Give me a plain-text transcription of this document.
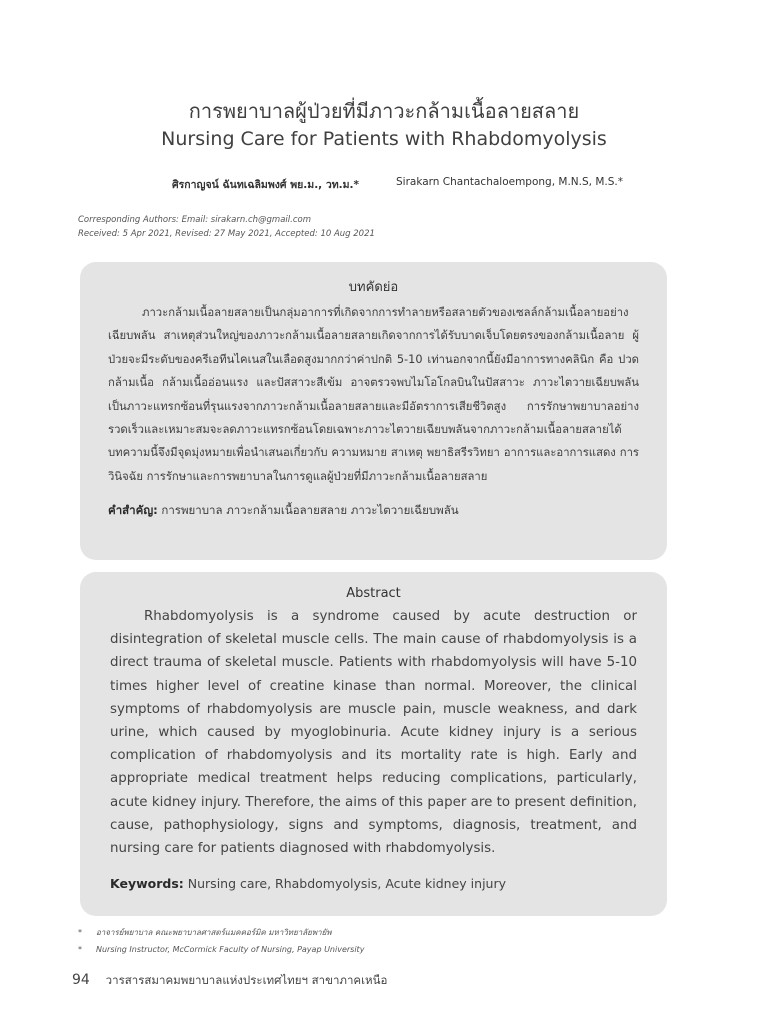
การพยาบาลผู้ป่วยที่มีภาวะกล้ามเนื้อลายสลาย
Nursing Care for Patients with Rhabdomyolysis
ศิรกาญจน์ ฉันทเฉลิมพงศ์ พย.ม., วท.ม.*	Sirakarn Chantachaloempong, M.N.S, M.S.*
Corresponding Authors: Email: sirakarn.ch@gmail.com
Received: 5 Apr 2021, Revised: 27 May 2021, Accepted: 10 Aug 2021
บทคัดย่อ

ภาวะกล้ามเนื้อลายสลายเป็นกลุ่มอาการที่เกิดจากการทำลายหรือสลายตัวของเซลล์กล้ามเนื้อลายอย่างเฉียบพลัน สาเหตุส่วนใหญ่ของภาวะกล้ามเนื้อลายสลายเกิดจากการได้รับบาดเจ็บโดยตรงของกล้ามเนื้อลาย ผู้ป่วยจะมีระดับของครีเอทีนไคเนสในเลือดสูงมากกว่าค่าปกติ 5-10 เท่านอกจากนี้ยังมีอาการทางคลินิก คือ ปวดกล้ามเนื้อ กล้ามเนื้ออ่อนแรง และปัสสาวะสีเข้ม อาจตรวจพบไมโอโกลบินในปัสสาวะ ภาวะไตวายเฉียบพลันเป็นภาวะแทรกซ้อนที่รุนแรงจากภาวะกล้ามเนื้อลายสลายและมีอัตราการเสียชีวิตสูง การรักษาพยาบาลอย่างรวดเร็วและเหมาะสมจะลดภาวะแทรกซ้อนโดยเฉพาะภาวะไตวายเฉียบพลันจากภาวะกล้ามเนื้อลายสลายได้ บทความนี้จึงมีจุดมุ่งหมายเพื่อนำเสนอเกี่ยวกับ ความหมาย สาเหตุ พยาธิสรีรวิทยา อาการและอาการแสดง การวินิจฉัย การรักษาและการพยาบาลในการดูแลผู้ป่วยที่มีภาวะกล้ามเนื้อลายสลาย

คำสำคัญ: การพยาบาล ภาวะกล้ามเนื้อลายสลาย ภาวะไตวายเฉียบพลัน
Abstract

Rhabdomyolysis is a syndrome caused by acute destruction or disintegration of skeletal muscle cells. The main cause of rhabdomyolysis is a direct trauma of skeletal muscle. Patients with rhabdomyolysis will have 5-10 times higher level of creatine kinase than normal. Moreover, the clinical symptoms of rhabdomyolysis are muscle pain, muscle weakness, and dark urine, which caused by myoglobinuria. Acute kidney injury is a serious complication of rhabdomyolysis and its mortality rate is high. Early and appropriate medical treatment helps reducing complications, particularly, acute kidney injury. Therefore, the aims of this paper are to present definition, cause, pathophysiology, signs and symptoms, diagnosis, treatment, and nursing care for patients diagnosed with rhabdomyolysis.

Keywords: Nursing care, Rhabdomyolysis, Acute kidney injury
* อาจารย์พยาบาล คณะพยาบาลศาสตร์แมคคอร์มิค มหาวิทยาลัยพายัพ
* Nursing Instructor, McCormick Faculty of Nursing, Payap University
94 วารสารสมาคมพยาบาลแห่งประเทศไทยฯ สาขาภาคเหนือ
